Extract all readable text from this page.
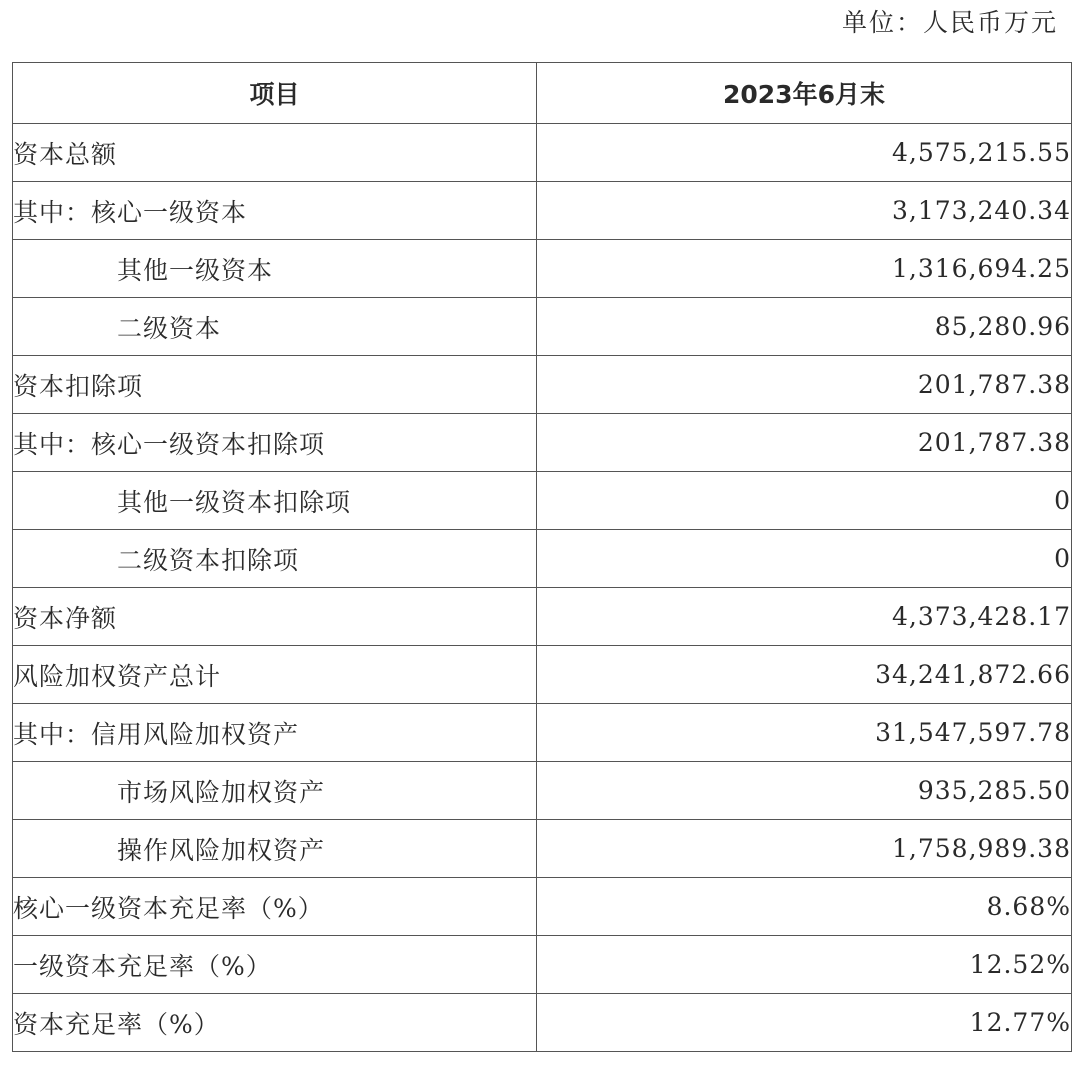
单位：人民币万元
项目	2023年6月末
资本总额	4,575,215.55
其中：核心一级资本	3,173,240.34
其他一级资本	1,316,694.25
二级资本	85,280.96
资本扣除项	201,787.38
其中：核心一级资本扣除项	201,787.38
其他一级资本扣除项	0
二级资本扣除项	0
资本净额	4,373,428.17
风险加权资产总计	34,241,872.66
其中：信用风险加权资产	31,547,597.78
市场风险加权资产	935,285.50
操作风险加权资产	1,758,989.38
核心一级资本充足率（%）	8.68%
一级资本充足率（%）	12.52%
资本充足率（%）	12.77%
